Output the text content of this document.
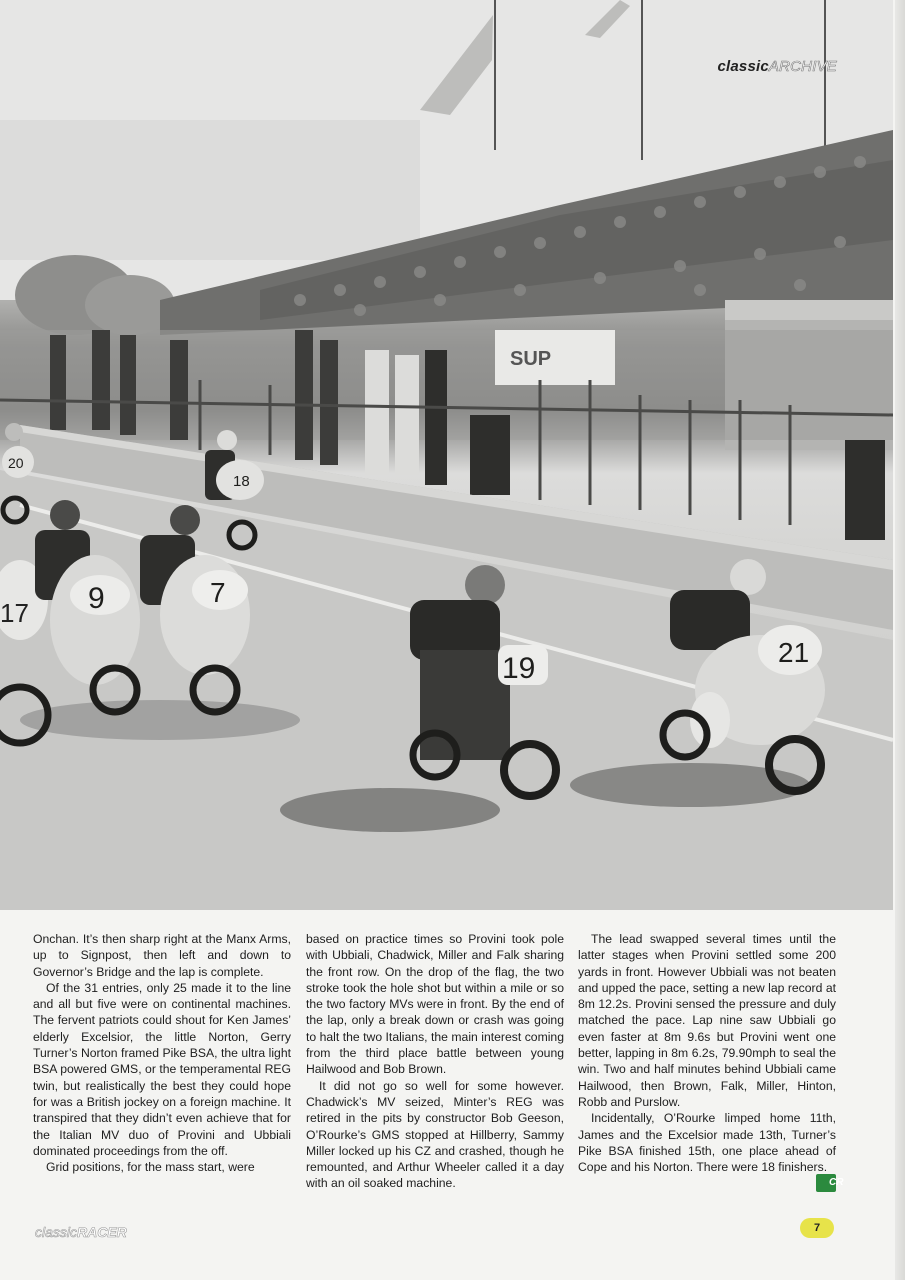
SUP
17 9	7
18
20
19	21
classicARCHIVE

Onchan. It’s then sharp right at the Manx Arms, up to Signpost, then left and down to Governor’s Bridge and the lap is complete.

Of the 31 entries, only 25 made it to the line and all but five were on continental machines. The fervent patriots could shout for Ken James’ elderly Excelsior, the little Norton, Gerry Turner’s Norton framed Pike BSA, the ultra light BSA powered GMS, or the temperamental REG twin, but realistically the best they could hope for was a British jockey on a foreign machine. It transpired that they didn’t even achieve that for the Italian MV duo of Provini and Ubbiali dominated proceedings from the off.

Grid positions, for the mass start, were

based on practice times so Provini took pole with Ubbiali, Chadwick, Miller and Falk sharing the front row. On the drop of the flag, the two stroke took the hole shot but within a mile or so the two factory MVs were in front. By the end of the lap, only a break down or crash was going to halt the two Italians, the main interest coming from the third place battle between young Hailwood and Bob Brown.

It did not go so well for some however. Chadwick’s MV seized, Minter’s REG was retired in the pits by constructor Bob Geeson, O’Rourke’s GMS stopped at Hillberry, Sammy Miller locked up his CZ and crashed, though he remounted, and Arthur Wheeler called it a day with an oil soaked machine.

The lead swapped several times until the latter stages when Provini settled some 200 yards in front. However Ubbiali was not beaten and upped the pace, setting a new lap record at 8m 12.2s. Provini sensed the pressure and duly matched the pace. Lap nine saw Ubbiali go even faster at 8m 9.6s but Provini went one better, lapping in 8m 6.2s, 79.90mph to seal the win. Two and half minutes behind Ubbiali came Hailwood, then Brown, Falk, Miller, Hinton, Robb and Purslow.

Incidentally, O’Rourke limped home 11th, James and the Excelsior made 13th, Turner’s Pike BSA finished 15th, one place ahead of Cope and his Norton. There were 18 finishers.
CR

classicRACER	7
